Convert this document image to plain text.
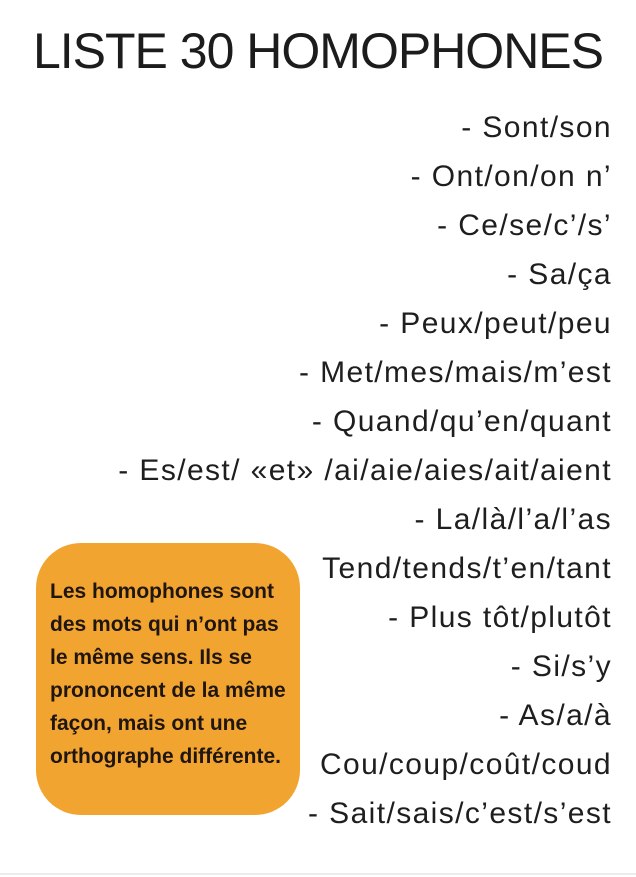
LISTE 30 HOMOPHONES
- Sont/son
- Ont/on/on n’
- Ce/se/c’/s’
- Sa/ça
- Peux/peut/peu
- Met/mes/mais/m’est
- Quand/qu’en/quant
- Es/est/ «et» /ai/aie/aies/ait/aient
- La/là/l’a/l’as
Tend/tends/t’en/tant
- Plus tôt/plutôt
- Si/s’y
- As/a/à
Cou/coup/coût/coud
- Sait/sais/c’est/s’est
Les homophones sont
des mots qui n’ont pas
le même sens. Ils se
prononcent de la même
façon, mais ont une
orthographe différente.
